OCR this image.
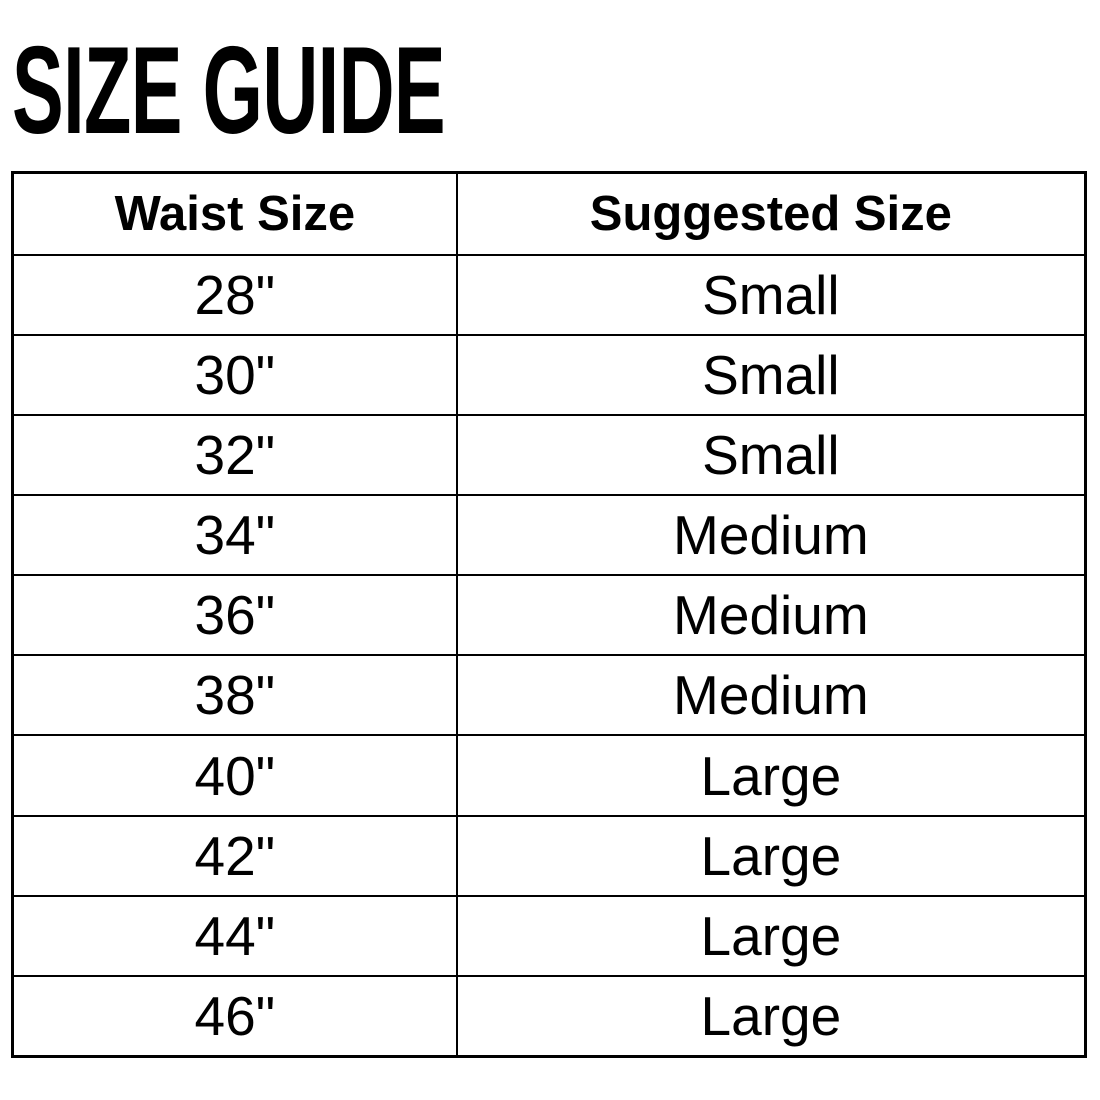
SIZE GUIDE
Waist Size	Suggested Size
28"	Small
30"	Small
32"	Small
34"	Medium
36"	Medium
38"	Medium
40"	Large
42"	Large
44"	Large
46"	Large
